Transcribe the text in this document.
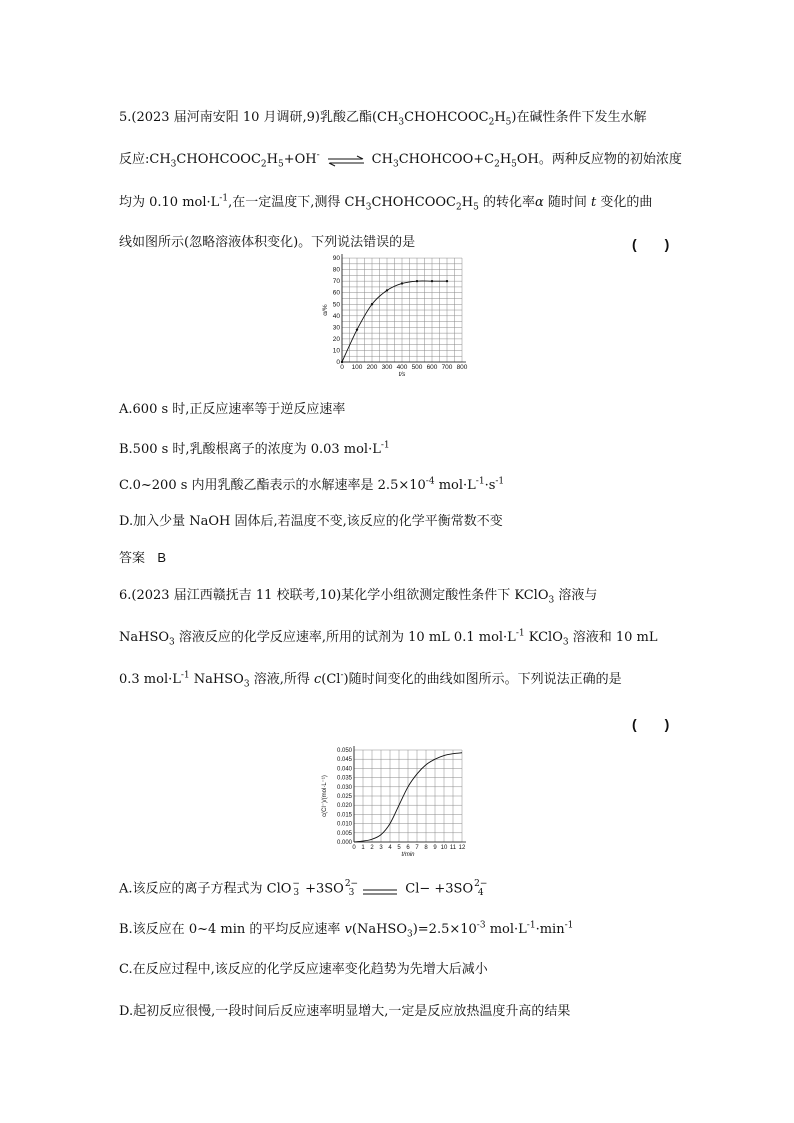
5.(2023 届河南安阳 10 月调研,9)乳酸乙酯$(CH_3CHOHCOOC_2H_5)$在碱性条件下发生水解
反应$:CH_3CHOHCOOC_2H_5+OH^-$ ⇌ $CH_3CHOHCOO+C_2H_5OH$。两种反应物的初始浓度
均为 0.10 $mol\cdot L^{-1}$,在一定温度下,测得 $CH_3CHOHCOOC_2H_5$ 的转化率α 随时间 t 变化的曲
线如图所示(忽略溶液体积变化)。下列说法错误的是	(　　)
0 100 200 300 400 500 600 700 800
0
10
20
30
40
50
60
70
80
90
t/s
α/%
A.600 s 时,正反应速率等于逆反应速率
B.500 s 时,乳酸根离子的浓度为 0.03 $mol\cdot L^{-1}$
C.0~200 s 内用乳酸乙酯表示的水解速率是 $2.5\times 10^{-4}$ $mol\cdot L^{-1}\cdot s^{-1}$
D.加入少量 NaOH 固体后,若温度不变,该反应的化学平衡常数不变
答案 B
6.(2023 届江西赣抚吉 11 校联考,10)某化学小组欲测定酸性条件下 KClO$_3$ 溶液与
NaHSO$_3$ 溶液反应的化学反应速率,所用的试剂为 10 mL 0.1 $mol\cdot L^{-1}$ KClO$_3$ 溶液和 10 mL
0.3 $mol\cdot L^{-1}$ NaHSO$_3$ 溶液,所得 c(Cl-)随时间变化的曲线如图所示。下列说法正确的是
(　　)
0 1 2 3 4 5 6 7 8 9 10 11 12
0.000
0.005
0.010
0.015
0.020
0.025
0.030
0.035
0.040
0.045
0.050
t/min
c(Cl⁻)/(mol·L⁻¹)
A.该反应的离子方程式为 ClO −
3 +3SO 2−
3	Cl− +3SO 2−
4
B.该反应在 0~4 min 的平均反应速率 $v(NaHSO_3)=2.5\times 10^{-3}$ $mol\cdot L^{-1}\cdot\min^{-1}$
C.在反应过程中,该反应的化学反应速率变化趋势为先增大后减小
D.起初反应很慢,一段时间后反应速率明显增大,一定是反应放热温度升高的结果
